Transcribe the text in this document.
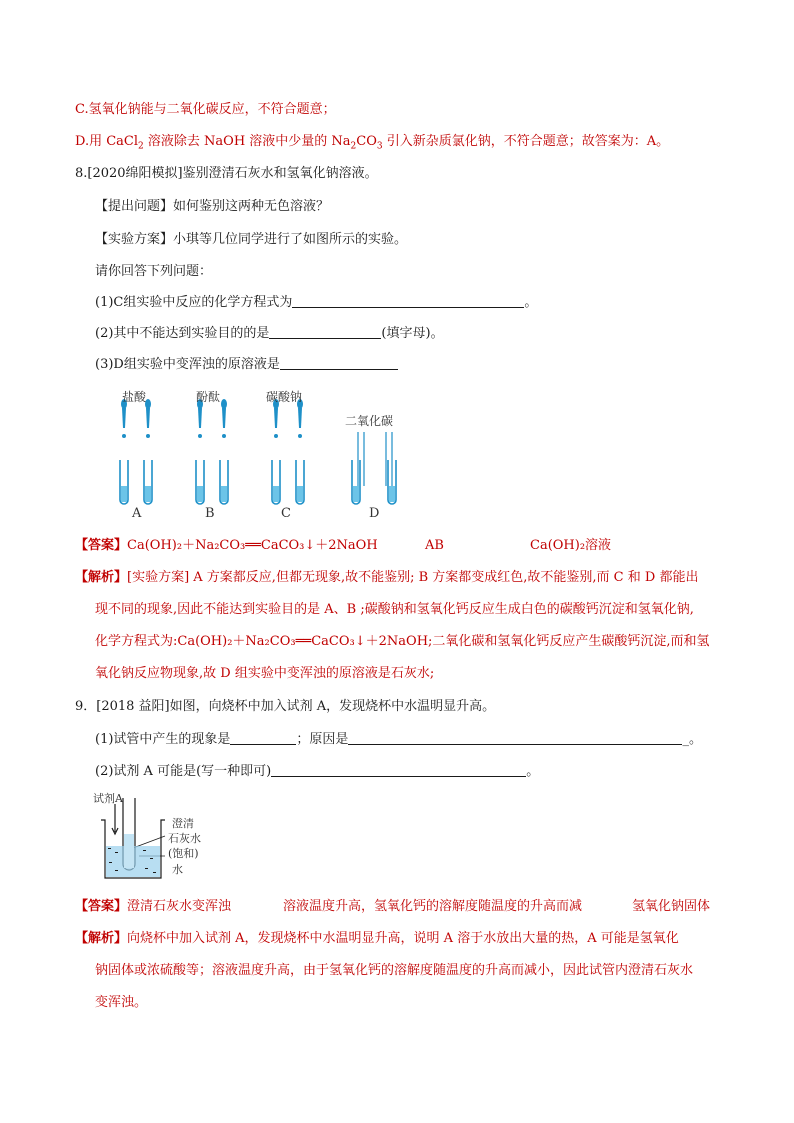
C.氢氧化钠能与二氧化碳反应，不符合题意；
D.用 CaCl$_2$ 溶液除去 NaOH 溶液中少量的 $Na_2CO_3$ 引入新杂质氯化钠，不符合题意；故答案为：A。
8.[2020绵阳模拟]鉴别澄清石灰水和氢氧化钠溶液。
【提出问题】如何鉴别这两种无色溶液？
【实验方案】小琪等几位同学进行了如图所示的实验。
请你回答下列问题：
(1)C组实验中反应的化学方程式为	。
(2)其中不能达到实验目的的是	(填字母)。
(3)D组实验中变浑浊的原溶液是
盐酸	酚酞	碳酸钠
二氧化碳
A	B	C	D
【答案】Ca(OH)₂＋Na₂CO₃══CaCO₃↓＋2NaOH	AB	Ca(OH)₂溶液
【解析】[实验方案] A 方案都反应,但都无现象,故不能鉴别; B 方案都变成红色,故不能鉴别,而 C 和 D 都能出
现不同的现象,因此不能达到实验目的是 A、B ;碳酸钠和氢氧化钙反应生成白色的碳酸钙沉淀和氢氧化钠,
化学方程式为:Ca(OH)₂＋Na₂CO₃══CaCO₃↓＋2NaOH;二氧化碳和氢氧化钙反应产生碳酸钙沉淀,而和氢
氧化钠反应物现象,故 D 组实验中变浑浊的原溶液是石灰水;
9．[2018 益阳]如图，向烧杯中加入试剂 A，发现烧杯中水温明显升高。
(1)试管中产生的现象是	；原因是	_。
(2)试剂 A 可能是(写一种即可)	。
试剂A
澄清
石灰水
(饱和)
水
【答案】澄清石灰水变浑浊	溶液温度升高，氢氧化钙的溶解度随温度的升高而减	氢氧化钠固体
【解析】向烧杯中加入试剂 A，发现烧杯中水温明显升高，说明 A 溶于水放出大量的热，A 可能是氢氧化
钠固体或浓硫酸等；溶液温度升高，由于氢氧化钙的溶解度随温度的升高而减小，因此试管内澄清石灰水
变浑浊。
